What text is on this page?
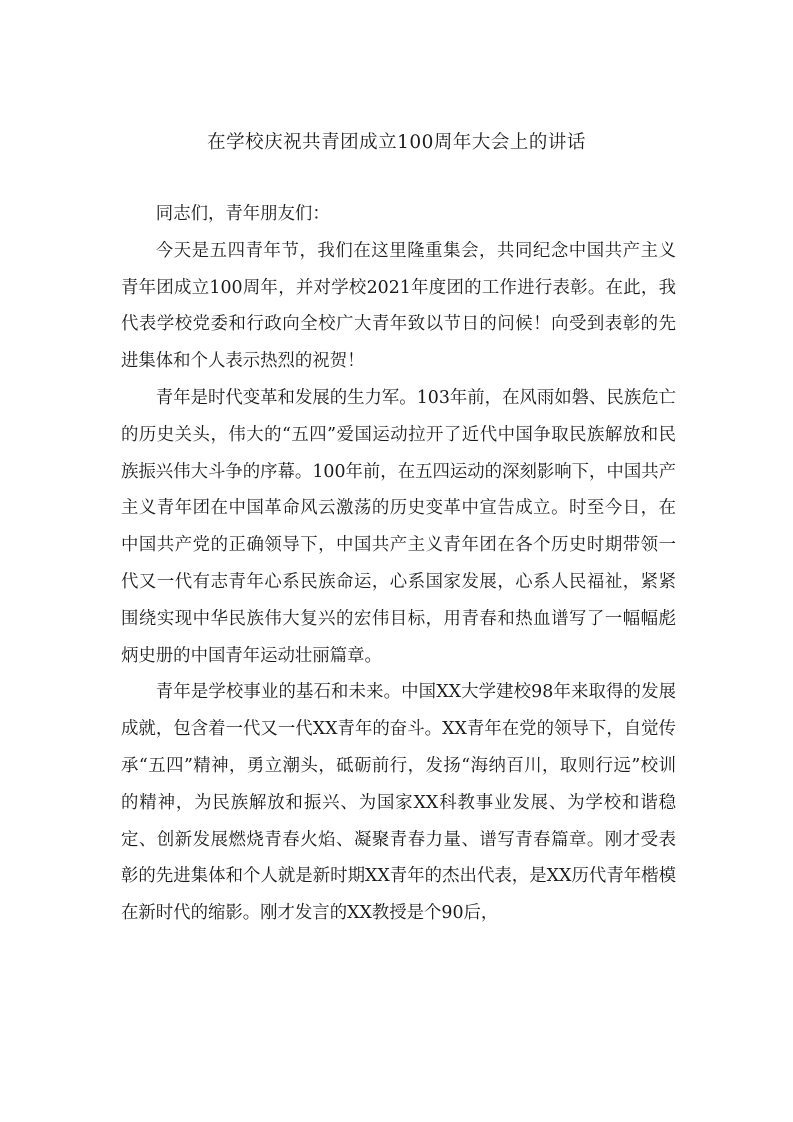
在学校庆祝共青团成立100周年大会上的讲话

同志们，青年朋友们：

今天是五四青年节，我们在这里隆重集会，共同纪念中国共产主义青年团成立100周年，并对学校2021年度团的工作进行表彰。在此，我代表学校党委和行政向全校广大青年致以节日的问候！向受到表彰的先进集体和个人表示热烈的祝贺！

青年是时代变革和发展的生力军。103年前，在风雨如磐、民族危亡的历史关头，伟大的“五四”爱国运动拉开了近代中国争取民族解放和民族振兴伟大斗争的序幕。100年前，在五四运动的深刻影响下，中国共产主义青年团在中国革命风云激荡的历史变革中宣告成立。时至今日，在中国共产党的正确领导下，中国共产主义青年团在各个历史时期带领一代又一代有志青年心系民族命运，心系国家发展，心系人民福祉，紧紧围绕实现中华民族伟大复兴的宏伟目标，用青春和热血谱写了一幅幅彪炳史册的中国青年运动壮丽篇章。

青年是学校事业的基石和未来。中国XX大学建校98年来取得的发展成就，包含着一代又一代XX青年的奋斗。XX青年在党的领导下，自觉传承“五四”精神，勇立潮头，砥砺前行，发扬“海纳百川，取则行远”校训的精神，为民族解放和振兴、为国家XX科教事业发展、为学校和谐稳定、创新发展燃烧青春火焰、凝聚青春力量、谱写青春篇章。刚才受表彰的先进集体和个人就是新时期XX青年的杰出代表，是XX历代青年楷模在新时代的缩影。刚才发言的XX教授是个90后，
